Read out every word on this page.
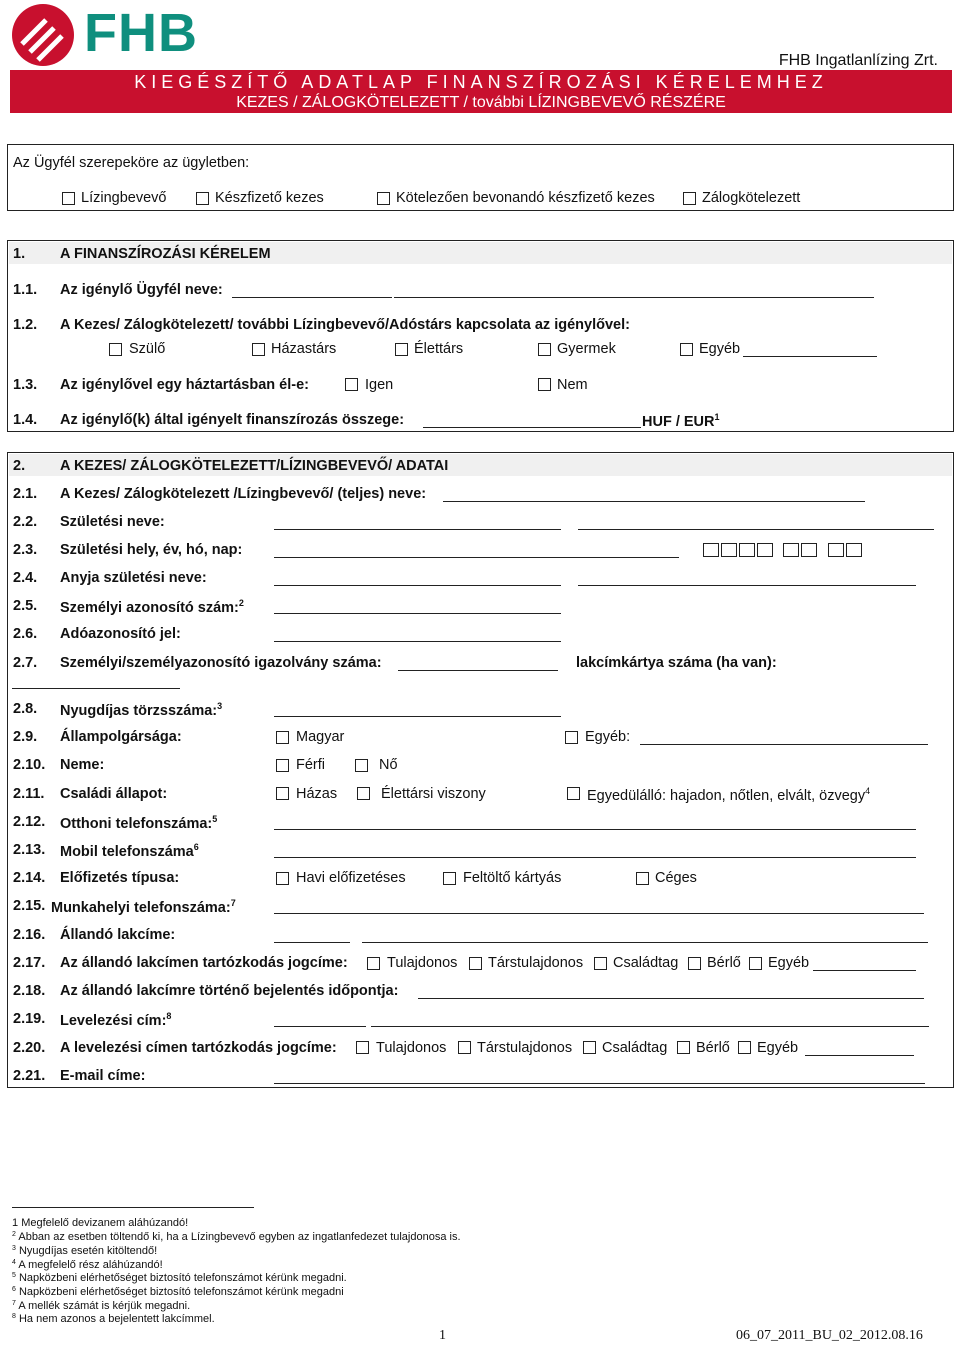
FHB	FHB Ingatlanlízing Zrt.
KIEGÉSZÍTŐ ADATLAP FINANSZÍROZÁSI KÉRELEMHEZ
KEZES / ZÁLOGKÖTELEZETT / további LÍZINGBEVEVŐ RÉSZÉRE
Az Ügyfél szerepeköre az ügyletben:
Lízingbevevő	Készfizető kezes	Kötelezően bevonandó készfizető kezes	Zálogkötelezett
1. A FINANSZÍROZÁSI KÉRELEM
1.1. Az igénylő Ügyfél neve:
1.2. A Kezes/ Zálogkötelezett/ további Lízingbevevő/Adóstárs kapcsolata az igénylővel:
Szülő	Házastárs	Élettárs	Gyermek	Egyéb
1.3. Az igénylővel egy háztartásban él-e:	Igen	Nem
1.4. Az igénylő(k) által igényelt finanszírozás összege:	HUF / EUR$^1$
2. A KEZES/ ZÁLOGKÖTELEZETT/LÍZINGBEVEVŐ/ ADATAI
2.1. A Kezes/ Zálogkötelezett /Lízingbevevő/ (teljes) neve:
2.2. Születési neve:
2.3. Születési hely, év, hó, nap:
2.4. Anyja születési neve:
2.5. Személyi azonosító szám:$^2$
2.6. Adóazonosító jel:
2.7. Személyi/személyazonosító igazolvány száma:	lakcímkártya száma (ha van):
2.8. Nyugdíjas törzsszáma:$^3$
2.9. Állampolgársága:	Magyar	Egyéb:
2.10. Neme:	Férfi	Nő
2.11. Családi állapot:	Házas	Élettársi viszony	Egyedülálló: hajadon, nőtlen, elvált, özvegy$^4$
2.12. Otthoni telefonszáma:$^5$
2.13. Mobil telefonszáma$^6$
2.14. Előfizetés típusa:	Havi előfizetéses	Feltöltő kártyás	Céges
2.15. Munkahelyi telefonszáma:$^7$
2.16. Állandó lakcíme:
2.17. Az állandó lakcímen tartózkodás jogcíme:	Tulajdonos Társtulajdonos Családtag Bérlő Egyéb
2.18. Az állandó lakcímre történő bejelentés időpontja:
2.19. Levelezési cím:$^8$
2.20. A levelezési címen tartózkodás jogcíme:	Tulajdonos Társtulajdonos Családtag Bérlő Egyéb
2.21. E-mail címe:
1 Megfelelő devizanem aláhúzandó!
$^2$ Abban az esetben töltendő ki, ha a Lízingbevevő egyben az ingatlanfedezet tulajdonosa is.
$^3$ Nyugdíjas esetén kitöltendő!
$^4$ A megfelelő rész aláhúzandó!
$^5$ Napközbeni elérhetőséget biztosító telefonszámot kérünk megadni.
$^6$ Napközbeni elérhetőséget biztosító telefonszámot kérünk megadni
$^7$ A mellék számát is kérjük megadni.
$^8$ Ha nem azonos a bejelentett lakcímmel.
1	06_07_2011_BU_02_2012.08.16
